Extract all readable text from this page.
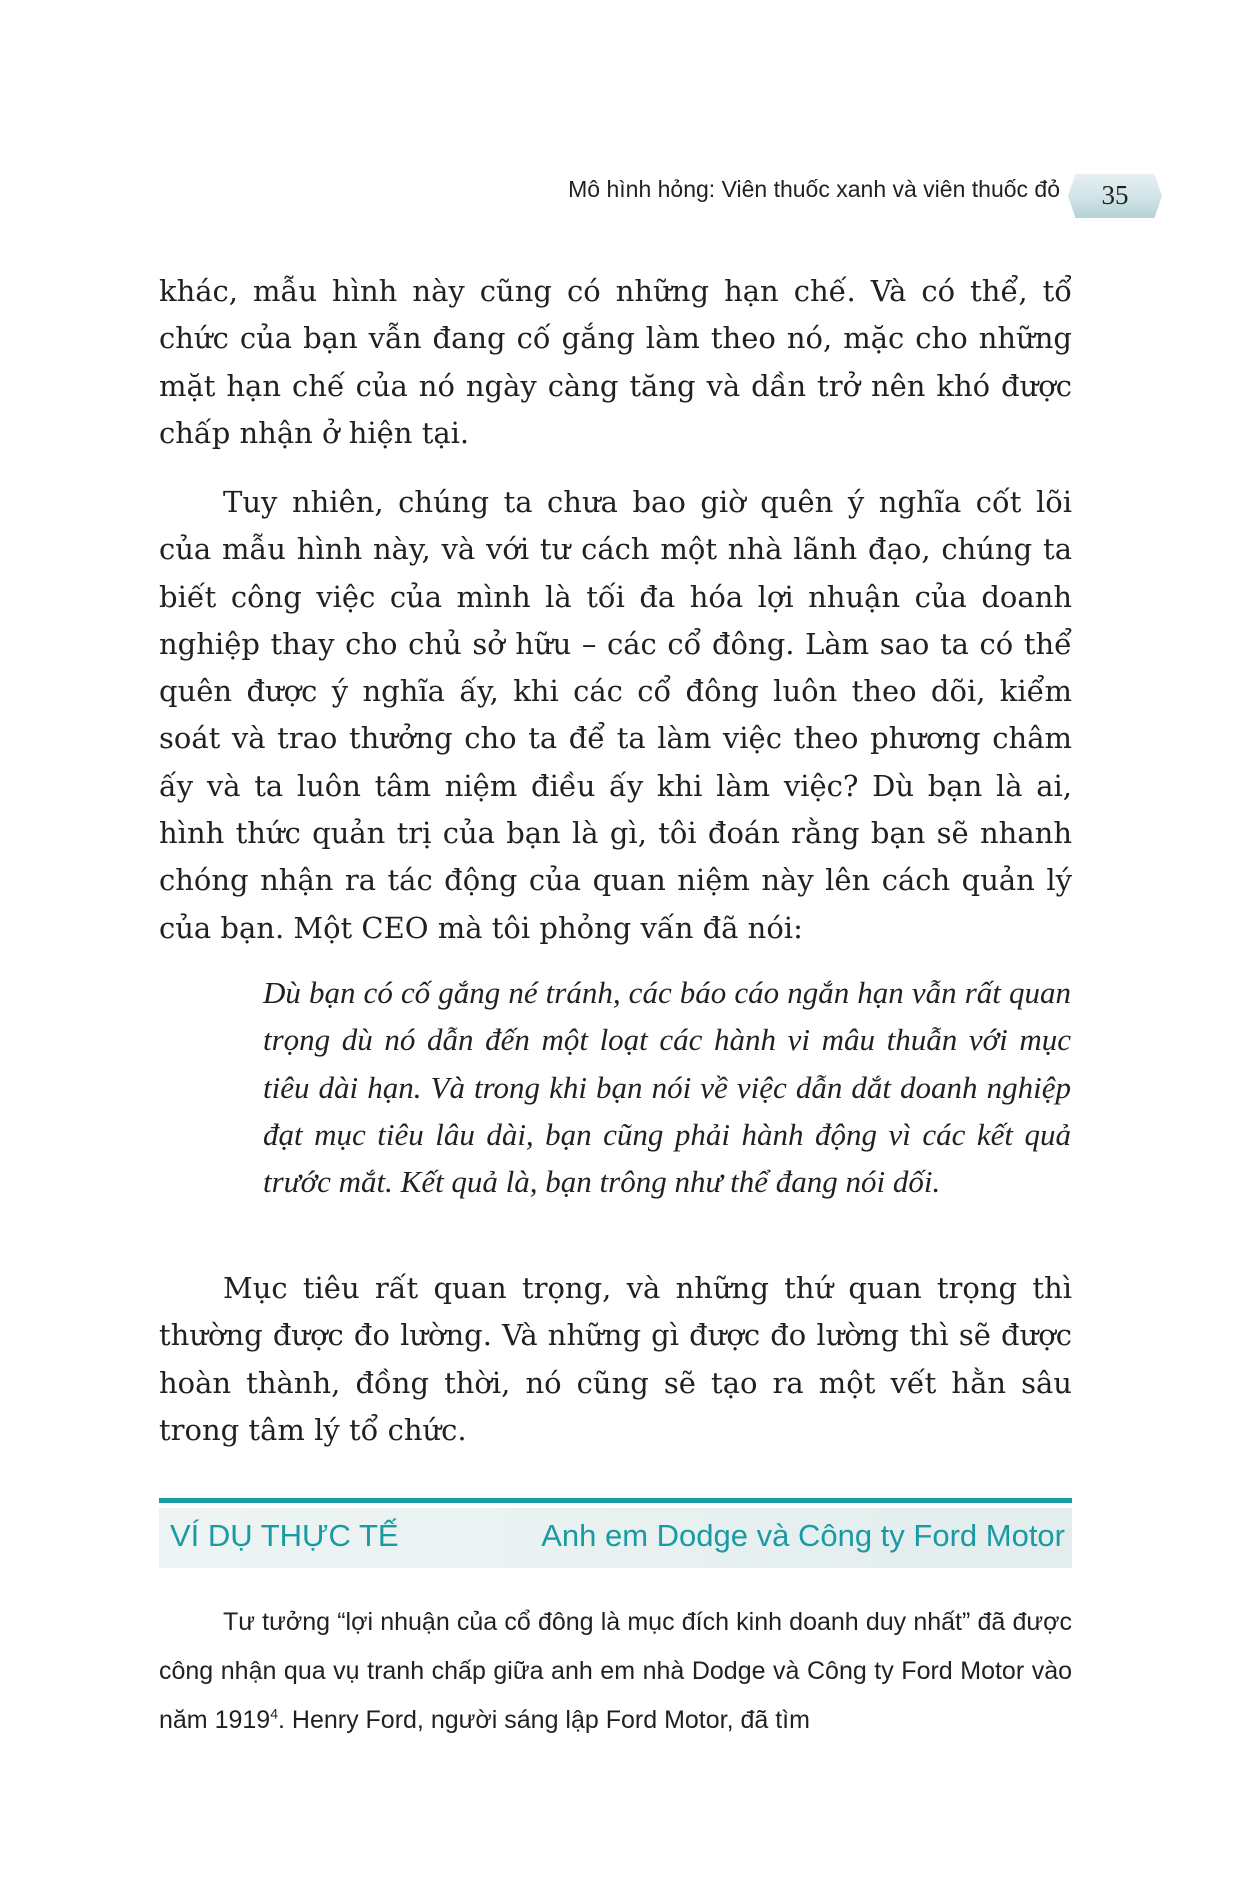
Mô hình hỏng: Viên thuốc xanh và viên thuốc đỏ	35

khác, mẫu hình này cũng có những hạn chế. Và có thể, tổ chức của bạn vẫn đang cố gắng làm theo nó, mặc cho những mặt hạn chế của nó ngày càng tăng và dần trở nên khó được chấp nhận ở hiện tại.

Tuy nhiên, chúng ta chưa bao giờ quên ý nghĩa cốt lõi của mẫu hình này, và với tư cách một nhà lãnh đạo, chúng ta biết công việc của mình là tối đa hóa lợi nhuận của doanh nghiệp thay cho chủ sở hữu – các cổ đông. Làm sao ta có thể quên được ý nghĩa ấy, khi các cổ đông luôn theo dõi, kiểm soát và trao thưởng cho ta để ta làm việc theo phương châm ấy và ta luôn tâm niệm điều ấy khi làm việc? Dù bạn là ai, hình thức quản trị của bạn là gì, tôi đoán rằng bạn sẽ nhanh chóng nhận ra tác động của quan niệm này lên cách quản lý của bạn. Một CEO mà tôi phỏng vấn đã nói:

Dù bạn có cố gắng né tránh, các báo cáo ngắn hạn vẫn rất quan trọng dù nó dẫn đến một loạt các hành vi mâu thuẫn với mục tiêu dài hạn. Và trong khi bạn nói về việc dẫn dắt doanh nghiệp đạt mục tiêu lâu dài, bạn cũng phải hành động vì các kết quả trước mắt. Kết quả là, bạn trông như thể đang nói dối.

Mục tiêu rất quan trọng, và những thứ quan trọng thì thường được đo lường. Và những gì được đo lường thì sẽ được hoàn thành, đồng thời, nó cũng sẽ tạo ra một vết hằn sâu trong tâm lý tổ chức.

VÍ DỤ THỰC TẾ	Anh em Dodge và Công ty Ford Motor

Tư tưởng “lợi nhuận của cổ đông là mục đích kinh doanh duy nhất” đã được công nhận qua vụ tranh chấp giữa anh em nhà Dodge và Công ty Ford Motor vào năm 1919$^4$. Henry Ford, người sáng lập Ford Motor, đã tìm
